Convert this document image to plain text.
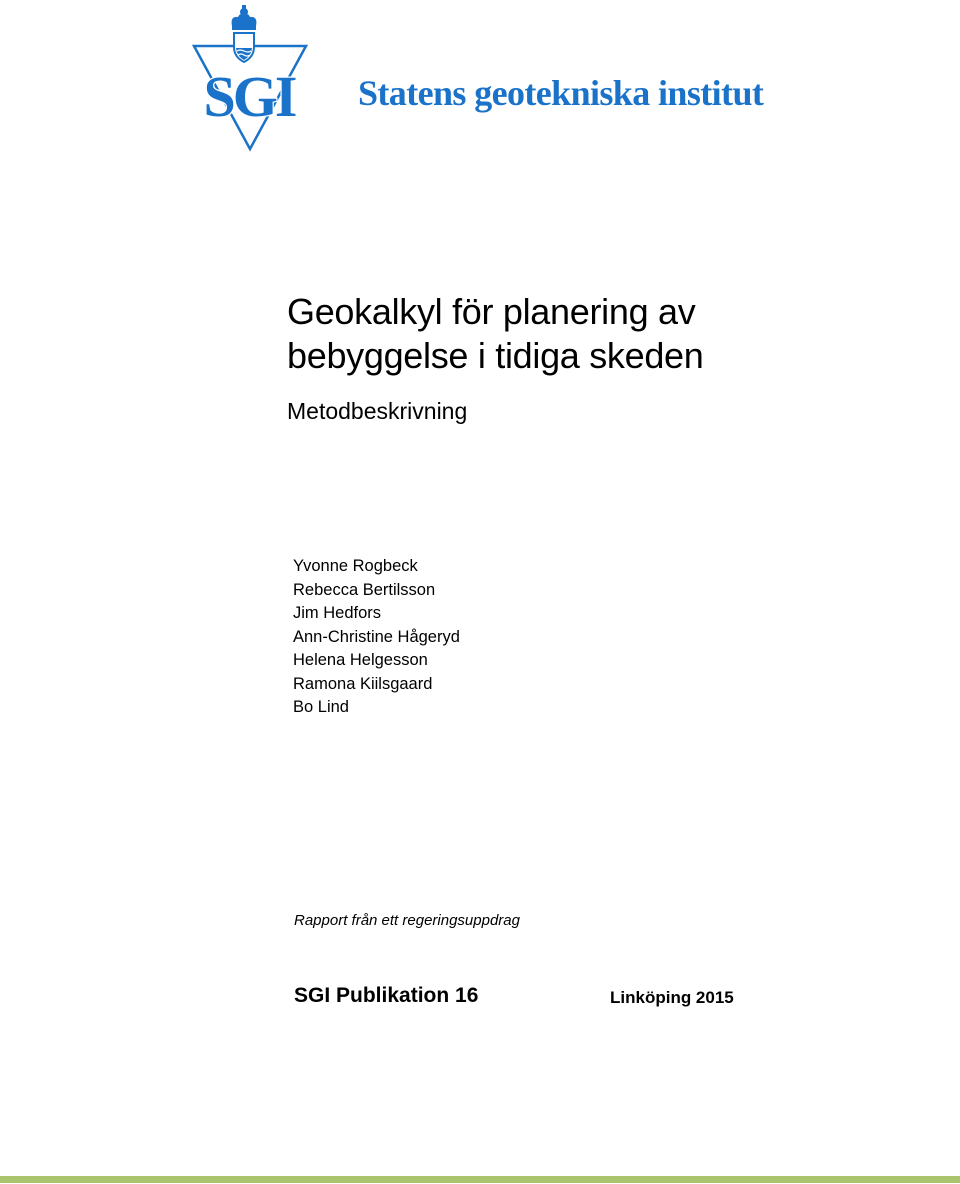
SGI Statens geotekniska institut
Geokalkyl för planering av
bebyggelse i tidiga skeden
Metodbeskrivning
Yvonne Rogbeck
Rebecca Bertilsson
Jim Hedfors
Ann-Christine Hågeryd
Helena Helgesson
Ramona Kiilsgaard
Bo Lind
Rapport från ett regeringsuppdrag
SGI Publikation 16	Linköping 2015
